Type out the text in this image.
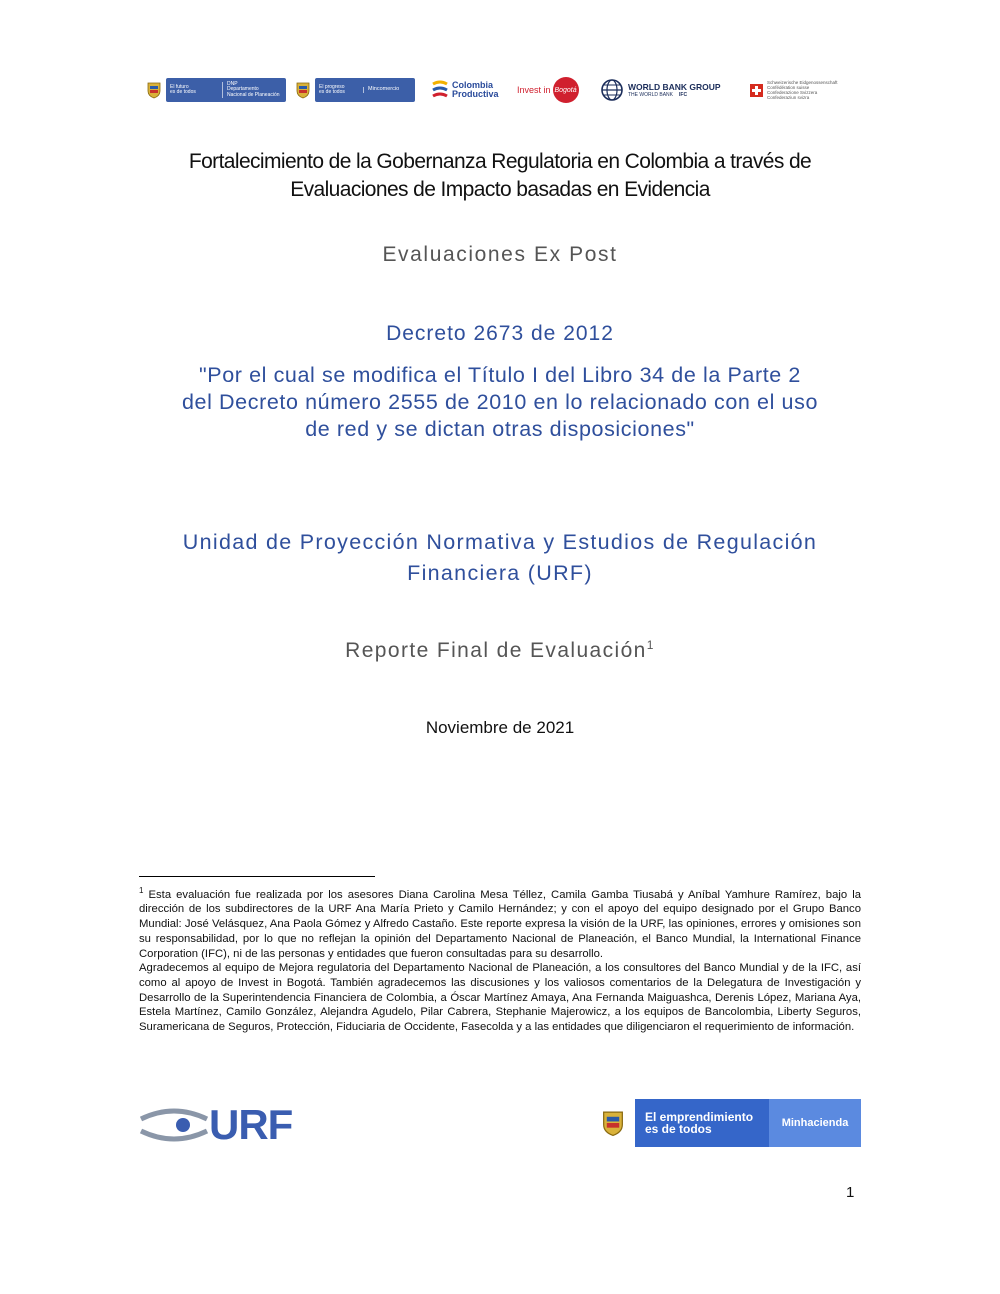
El futuro
es de todos
DNP
Departamento
Nacional de Planeación
El progreso
es de todos	Mincomercio	Colombia
Productiva Invest in Bogotá	WORLD BANK GROUP
THE WORLD BANK IFC
Schweizerische Eidgenossenschaft
Confédération suisse
Confederazione Svizzera
Confederaziun svizra
Fortalecimiento de la Gobernanza Regulatoria en Colombia a través de
Evaluaciones de Impacto basadas en Evidencia
Evaluaciones Ex Post
Decreto 2673 de 2012
"Por el cual se modifica el Título I del Libro 34 de la Parte 2
del Decreto número 2555 de 2010 en lo relacionado con el uso
de red y se dictan otras disposiciones"
Unidad de Proyección Normativa y Estudios de Regulación
Financiera (URF)
Reporte Final de Evaluación$^1$
Noviembre de 2021

$^1$ Esta evaluación fue realizada por los asesores Diana Carolina Mesa Téllez, Camila Gamba Tiusabá y Aníbal Yamhure Ramírez, bajo la dirección de los subdirectores de la URF Ana María Prieto y Camilo Hernández; y con el apoyo del equipo designado por el Grupo Banco Mundial: José Velásquez, Ana Paola Gómez y Alfredo Castaño. Este reporte expresa la visión de la URF, las opiniones, errores y omisiones son su responsabilidad, por lo que no reflejan la opinión del Departamento Nacional de Planeación, el Banco Mundial, la International Finance Corporation (IFC), ni de las personas y entidades que fueron consultadas para su desarrollo.

Agradecemos al equipo de Mejora regulatoria del Departamento Nacional de Planeación, a los consultores del Banco Mundial y de la IFC, así como al apoyo de Invest in Bogotá. También agradecemos las discusiones y los valiosos comentarios de la Delegatura de Investigación y Desarrollo de la Superintendencia Financiera de Colombia, a Óscar Martínez Amaya, Ana Fernanda Maiguashca, Derenis López, Mariana Aya, Estela Martínez, Camilo González, Alejandra Agudelo, Pilar Cabrera, Stephanie Majerowicz, a los equipos de Bancolombia, Liberty Seguros, Suramericana de Seguros, Protección, Fiduciaria de Occidente, Fasecolda y a las entidades que diligenciaron el requerimiento de información.

URF	El emprendimiento
es de todos	Minhacienda
1
